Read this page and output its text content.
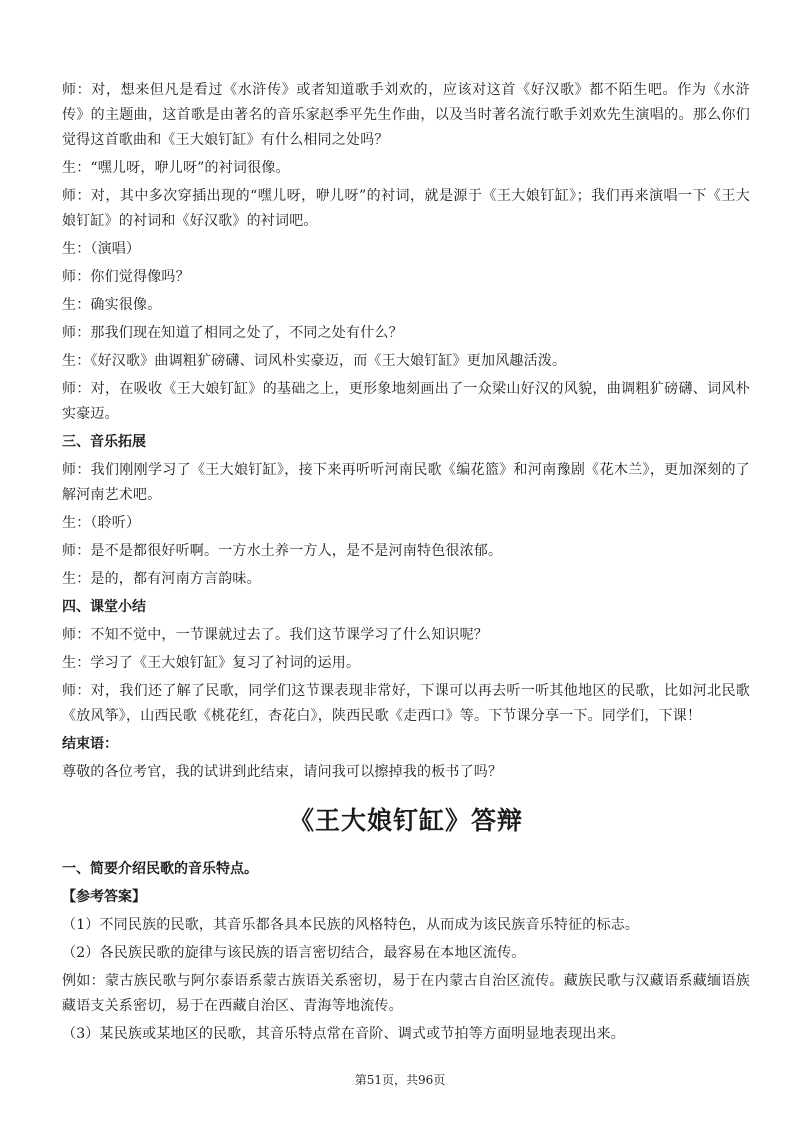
师：对，想来但凡是看过《水浒传》或者知道歌手刘欢的，应该对这首《好汉歌》都不陌生吧。作为《水浒传》的主题曲，这首歌是由著名的音乐家赵季平先生作曲，以及当时著名流行歌手刘欢先生演唱的。那么你们觉得这首歌曲和《王大娘钉缸》有什么相同之处吗？

生：“嘿儿呀，咿儿呀”的衬词很像。

师：对，其中多次穿插出现的“嘿儿呀，咿儿呀”的衬词，就是源于《王大娘钉缸》；我们再来演唱一下《王大娘钉缸》的衬词和《好汉歌》的衬词吧。

生：（演唱）

师：你们觉得像吗？

生：确实很像。

师：那我们现在知道了相同之处了，不同之处有什么？

生：《好汉歌》曲调粗犷磅礴、词风朴实豪迈，而《王大娘钉缸》更加风趣活泼。

师：对，在吸收《王大娘钉缸》的基础之上，更形象地刻画出了一众梁山好汉的风貌，曲调粗犷磅礴、词风朴实豪迈。

三、音乐拓展

师：我们刚刚学习了《王大娘钉缸》，接下来再听听河南民歌《编花篮》和河南豫剧《花木兰》，更加深刻的了解河南艺术吧。

生：（聆听）

师：是不是都很好听啊。一方水土养一方人，是不是河南特色很浓郁。

生：是的，都有河南方言韵味。

四、课堂小结

师：不知不觉中，一节课就过去了。我们这节课学习了什么知识呢？

生：学习了《王大娘钉缸》复习了衬词的运用。

师：对，我们还了解了民歌，同学们这节课表现非常好，下课可以再去听一听其他地区的民歌，比如河北民歌《放风筝》，山西民歌《桃花红，杏花白》，陕西民歌《走西口》等。下节课分享一下。同学们，下课！

结束语：

尊敬的各位考官，我的试讲到此结束，请问我可以擦掉我的板书了吗？

《王大娘钉缸》答辩

一、简要介绍民歌的音乐特点。

【参考答案】

（1）不同民族的民歌，其音乐都各具本民族的风格特色，从而成为该民族音乐特征的标志。

（2）各民族民歌的旋律与该民族的语言密切结合，最容易在本地区流传。

例如：蒙古族民歌与阿尔泰语系蒙古族语关系密切，易于在内蒙古自治区流传。藏族民歌与汉藏语系藏缅语族藏语支关系密切，易于在西藏自治区、青海等地流传。

（3）某民族或某地区的民歌，其音乐特点常在音阶、调式或节拍等方面明显地表现出来。

第51页，共96页
